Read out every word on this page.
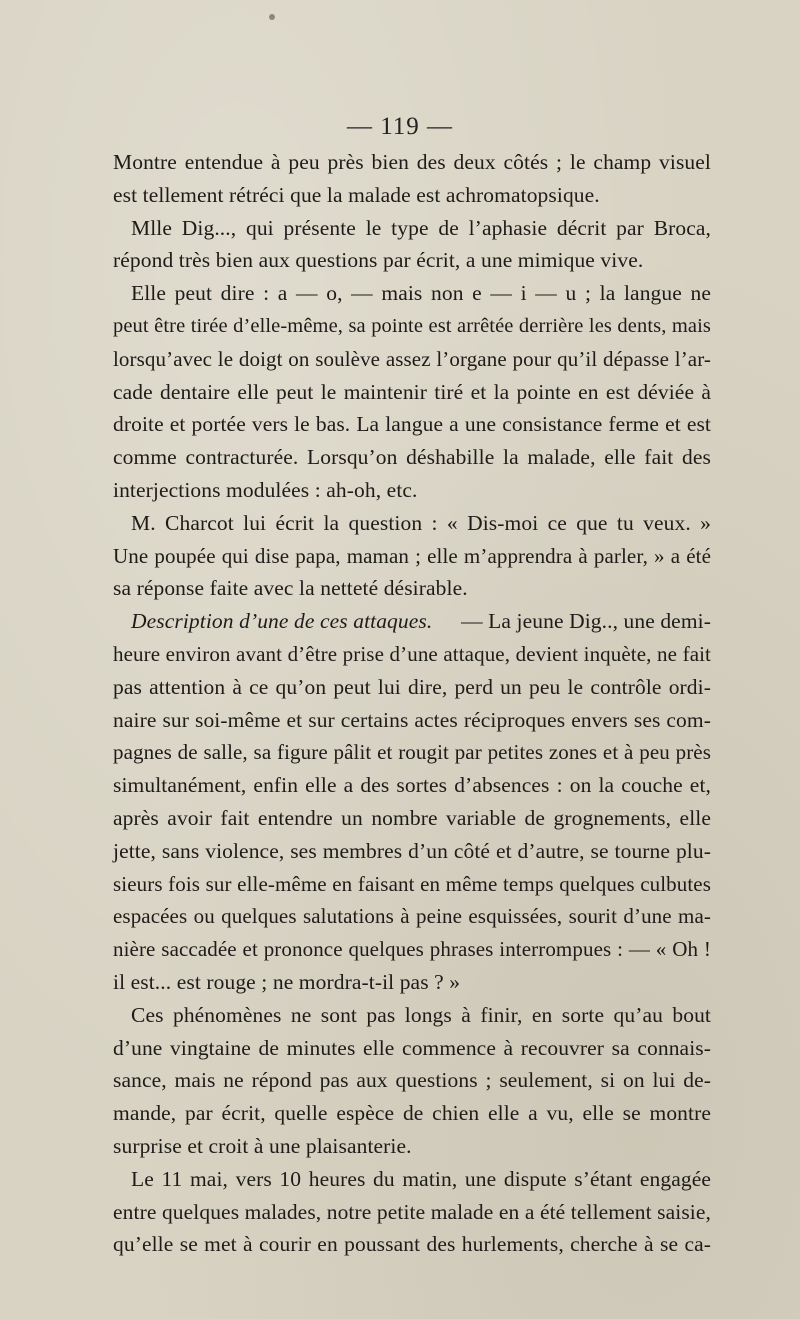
— 119 —
Montre entendue à peu près bien des deux côtés ; le champ visuel
est tellement rétréci que la malade est achromatopsique.
Mlle Dig..., qui présente le type de l’aphasie décrit par Broca,
répond très bien aux questions par écrit, a une mimique vive.
Elle peut dire : a — o, — mais non e — i — u ; la langue ne
peut être tirée d’elle-même, sa pointe est arrêtée derrière les dents, mais
lorsqu’avec le doigt on soulève assez l’organe pour qu’il dépasse l’ar-
cade dentaire elle peut le maintenir tiré et la pointe en est déviée à
droite et portée vers le bas. La langue a une consistance ferme et est
comme contracturée. Lorsqu’on déshabille la malade, elle fait des
interjections modulées : ah-oh, etc.
M. Charcot lui écrit la question : « Dis-moi ce que tu veux. »
Une poupée qui dise papa, maman ; elle m’apprendra à parler, » a été
sa réponse faite avec la netteté désirable.
Description d’une de ces attaques. — La jeune Dig.., une demi-
heure environ avant d’être prise d’une attaque, devient inquète, ne fait
pas attention à ce qu’on peut lui dire, perd un peu le contrôle ordi-
naire sur soi-même et sur certains actes réciproques envers ses com-
pagnes de salle, sa figure pâlit et rougit par petites zones et à peu près
simultanément, enfin elle a des sortes d’absences : on la couche et,
après avoir fait entendre un nombre variable de grognements, elle
jette, sans violence, ses membres d’un côté et d’autre, se tourne plu-
sieurs fois sur elle-même en faisant en même temps quelques culbutes
espacées ou quelques salutations à peine esquissées, sourit d’une ma-
nière saccadée et prononce quelques phrases interrompues : — « Oh !
il est... est rouge ; ne mordra-t-il pas ? »
Ces phénomènes ne sont pas longs à finir, en sorte qu’au bout
d’une vingtaine de minutes elle commence à recouvrer sa connais-
sance, mais ne répond pas aux questions ; seulement, si on lui de-
mande, par écrit, quelle espèce de chien elle a vu, elle se montre
surprise et croit à une plaisanterie.
Le 11 mai, vers 10 heures du matin, une dispute s’étant engagée
entre quelques malades, notre petite malade en a été tellement saisie,
qu’elle se met à courir en poussant des hurlements, cherche à se ca-
